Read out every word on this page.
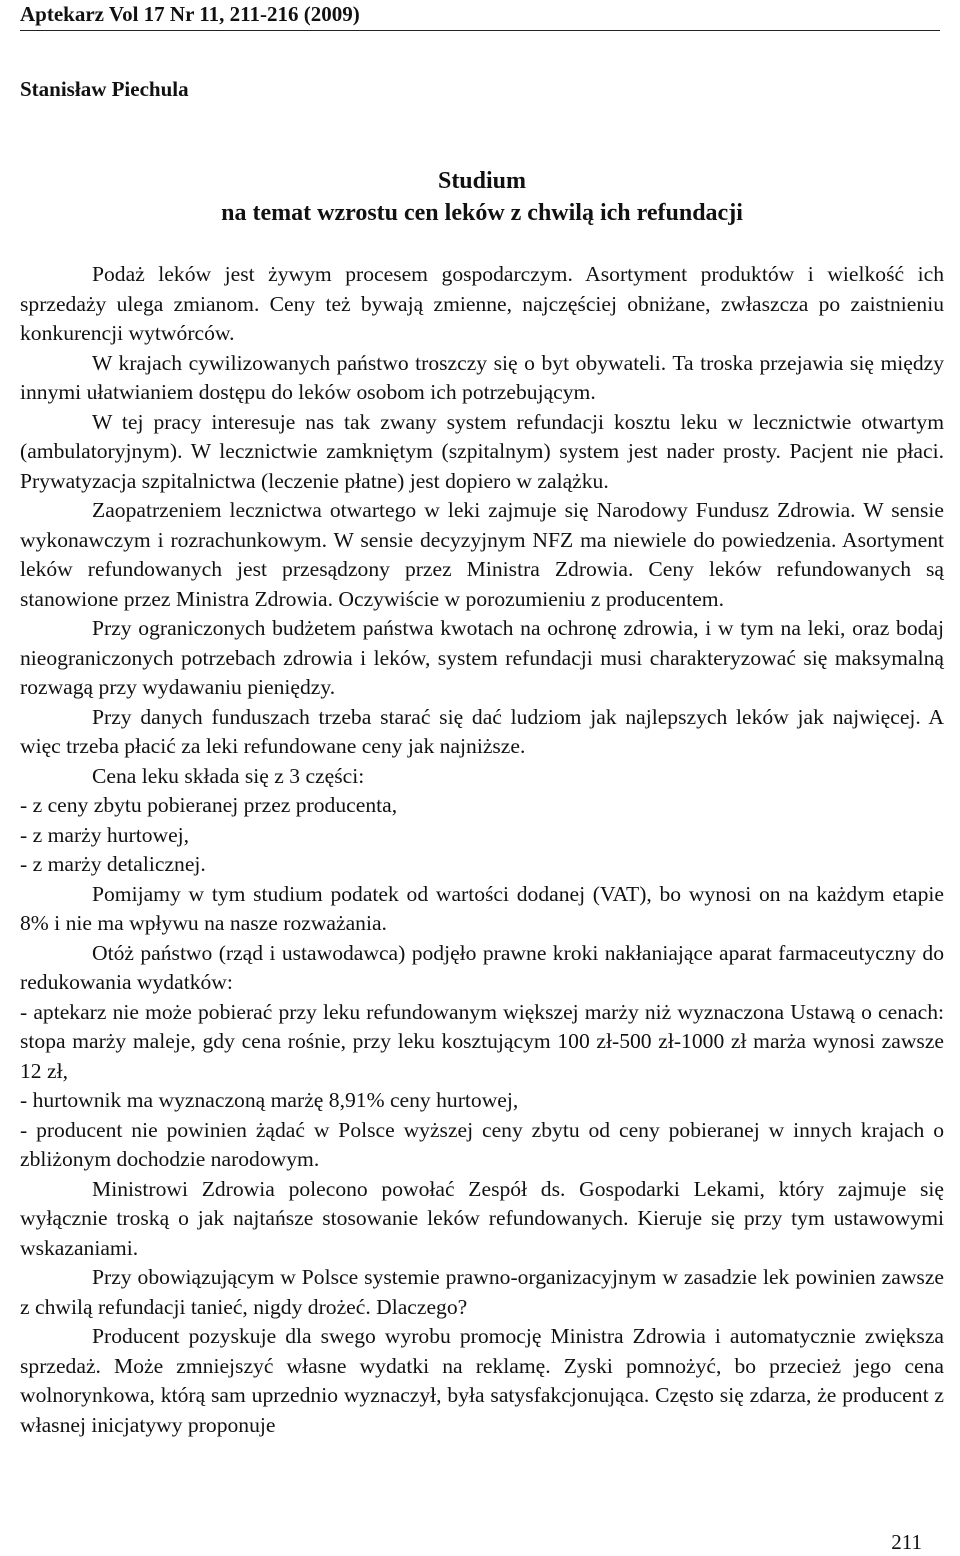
Aptekarz Vol 17 Nr 11, 211-216 (2009)
Stanisław Piechula
Studium
na temat wzrostu cen leków z chwilą ich refundacji

Podaż leków jest żywym procesem gospodarczym. Asortyment produktów i wielkość ich sprzedaży ulega zmianom. Ceny też bywają zmienne, najczęściej obniżane, zwłaszcza po zaistnieniu konkurencji wytwórców.

W krajach cywilizowanych państwo troszczy się o byt obywateli. Ta troska przejawia się między innymi ułatwianiem dostępu do leków osobom ich potrzebującym.

W tej pracy interesuje nas tak zwany system refundacji kosztu leku w lecznictwie otwartym (ambulatoryjnym). W lecznictwie zamkniętym (szpitalnym) system jest nader prosty. Pacjent nie płaci. Prywatyzacja szpitalnictwa (leczenie płatne) jest dopiero w zalążku.

Zaopatrzeniem lecznictwa otwartego w leki zajmuje się Narodowy Fundusz Zdrowia. W sensie wykonawczym i rozrachunkowym. W sensie decyzyjnym NFZ ma niewiele do powiedzenia. Asortyment leków refundowanych jest przesądzony przez Ministra Zdrowia. Ceny leków refundowanych są stanowione przez Ministra Zdrowia. Oczywiście w porozumieniu z producentem.

Przy ograniczonych budżetem państwa kwotach na ochronę zdrowia, i w tym na leki, oraz bodaj nieograniczonych potrzebach zdrowia i leków, system refundacji musi charakteryzować się maksymalną rozwagą przy wydawaniu pieniędzy.

Przy danych funduszach trzeba starać się dać ludziom jak najlepszych leków jak najwięcej. A więc trzeba płacić za leki refundowane ceny jak najniższe.

Cena leku składa się z 3 części:

- z ceny zbytu pobieranej przez producenta,

- z marży hurtowej,

- z marży detalicznej.

Pomijamy w tym studium podatek od wartości dodanej (VAT), bo wynosi on na każdym etapie 8% i nie ma wpływu na nasze rozważania.

Otóż państwo (rząd i ustawodawca) podjęło prawne kroki nakłaniające aparat farmaceutyczny do redukowania wydatków:

- aptekarz nie może pobierać przy leku refundowanym większej marży niż wyznaczona Ustawą o cenach: stopa marży maleje, gdy cena rośnie, przy leku kosztującym 100 zł-500 zł-1000 zł marża wynosi zawsze 12 zł,

- hurtownik ma wyznaczoną marżę 8,91% ceny hurtowej,

- producent nie powinien żądać w Polsce wyższej ceny zbytu od ceny pobieranej w innych krajach o zbliżonym dochodzie narodowym.

Ministrowi Zdrowia polecono powołać Zespół ds. Gospodarki Lekami, który zajmuje się wyłącznie troską o jak najtańsze stosowanie leków refundowanych. Kieruje się przy tym ustawowymi wskazaniami.

Przy obowiązującym w Polsce systemie prawno-organizacyjnym w zasadzie lek powinien zawsze z chwilą refundacji tanieć, nigdy drożeć. Dlaczego?

Producent pozyskuje dla swego wyrobu promocję Ministra Zdrowia i automatycznie zwiększa sprzedaż. Może zmniejszyć własne wydatki na reklamę. Zyski pomnożyć, bo przecież jego cena wolnorynkowa, którą sam uprzednio wyznaczył, była satysfakcjonująca. Często się zdarza, że producent z własnej inicjatywy proponuje

211
